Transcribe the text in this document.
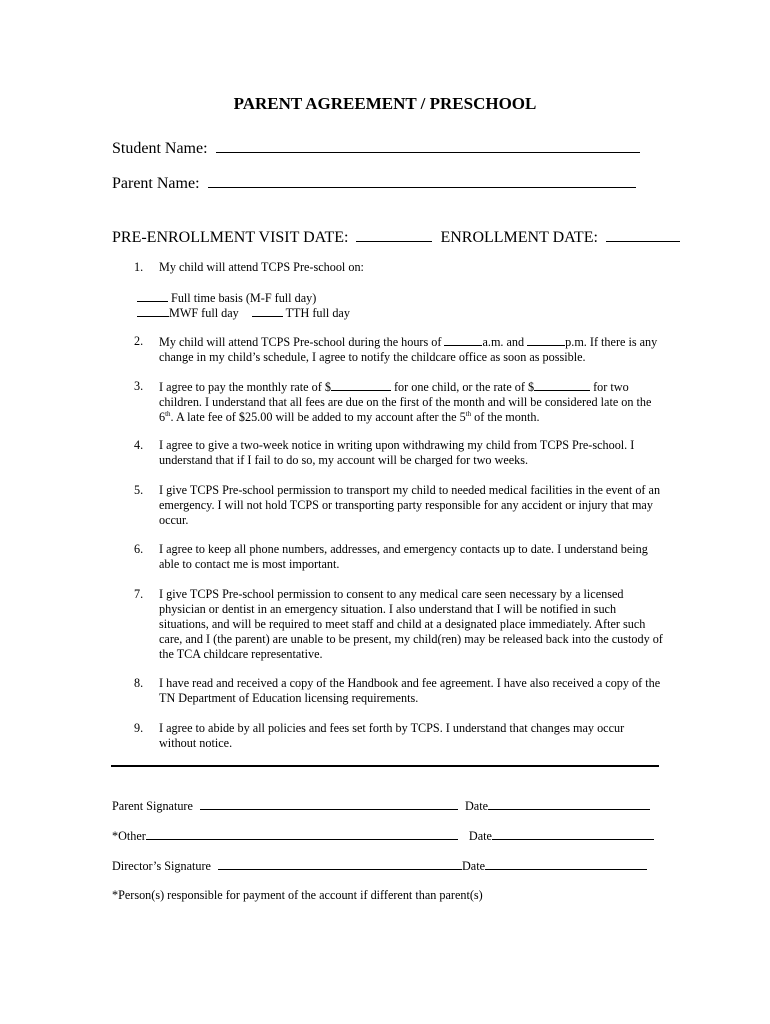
PARENT AGREEMENT / PRESCHOOL
Student Name:
Parent Name:
PRE-ENROLLMENT VISIT DATE:	ENROLLMENT DATE:
1. My child will attend TCPS Pre-school on:
Full time basis (M-F full day)
MWF full day	TTH full day
2. My child will attend TCPS Pre-school during the hours of	a.m. and	p.m. If there is any change in my child’s schedule, I agree to notify the childcare office as soon as possible.
3. I agree to pay the monthly rate of $	for one child, or the rate of $	for two children. I understand that all fees are due on the first of the month and will be considered late on the 6th. A late fee of $25.00 will be added to my account after the 5th of the month.
4. I agree to give a two-week notice in writing upon withdrawing my child from TCPS Pre-school. I understand that if I fail to do so, my account will be charged for two weeks.
5. I give TCPS Pre-school permission to transport my child to needed medical facilities in the event of an emergency. I will not hold TCPS or transporting party responsible for any accident or injury that may occur.
6. I agree to keep all phone numbers, addresses, and emergency contacts up to date. I understand being able to contact me is most important.
7. I give TCPS Pre-school permission to consent to any medical care seen necessary by a licensed physician or dentist in an emergency situation. I also understand that I will be notified in such situations, and will be required to meet staff and child at a designated place immediately. After such care, and I (the parent) are unable to be present, my child(ren) may be released back into the custody of the TCA childcare representative.
8. I have read and received a copy of the Handbook and fee agreement. I have also received a copy of the TN Department of Education licensing requirements.
9. I agree to abide by all policies and fees set forth by TCPS. I understand that changes may occur without notice.
Parent Signature	Date
*Other	Date
Director’s Signature	Date
*Person(s) responsible for payment of the account if different than parent(s)
